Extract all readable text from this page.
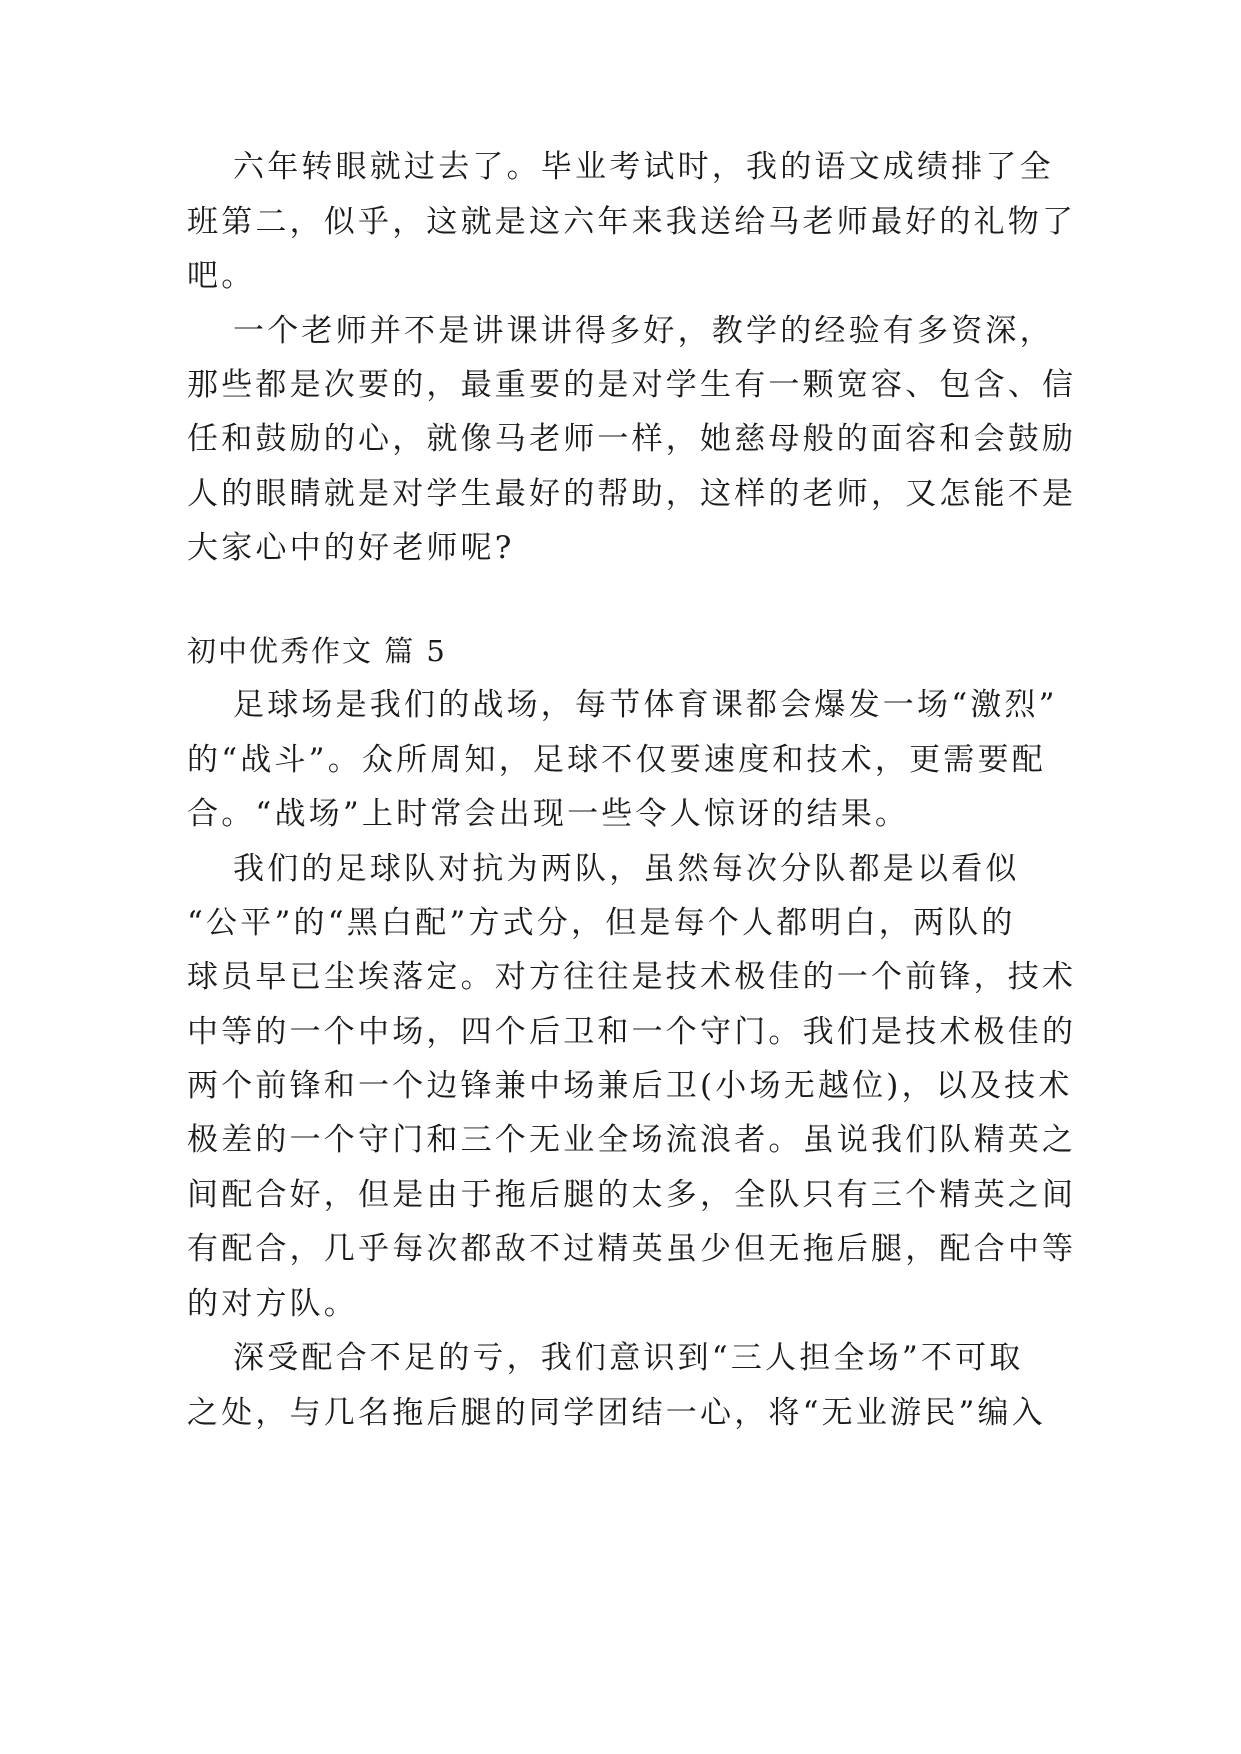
六年转眼就过去了。毕业考试时，我的语文成绩排了全
班第二，似乎，这就是这六年来我送给马老师最好的礼物了
吧。
一个老师并不是讲课讲得多好，教学的经验有多资深，
那些都是次要的，最重要的是对学生有一颗宽容、包含、信
任和鼓励的心，就像马老师一样，她慈母般的面容和会鼓励
人的眼睛就是对学生最好的帮助，这样的老师，又怎能不是
大家心中的好老师呢?
初中优秀作文 篇 5
足球场是我们的战场，每节体育课都会爆发一场“激烈”
的“战斗”。众所周知，足球不仅要速度和技术，更需要配
合。“战场”上时常会出现一些令人惊讶的结果。
我们的足球队对抗为两队，虽然每次分队都是以看似
“公平”的“黑白配”方式分，但是每个人都明白，两队的
球员早已尘埃落定。对方往往是技术极佳的一个前锋，技术
中等的一个中场，四个后卫和一个守门。我们是技术极佳的
两个前锋和一个边锋兼中场兼后卫(小场无越位)，以及技术
极差的一个守门和三个无业全场流浪者。虽说我们队精英之
间配合好，但是由于拖后腿的太多，全队只有三个精英之间
有配合，几乎每次都敌不过精英虽少但无拖后腿，配合中等
的对方队。
深受配合不足的亏，我们意识到“三人担全场”不可取
之处，与几名拖后腿的同学团结一心，将“无业游民”编入
